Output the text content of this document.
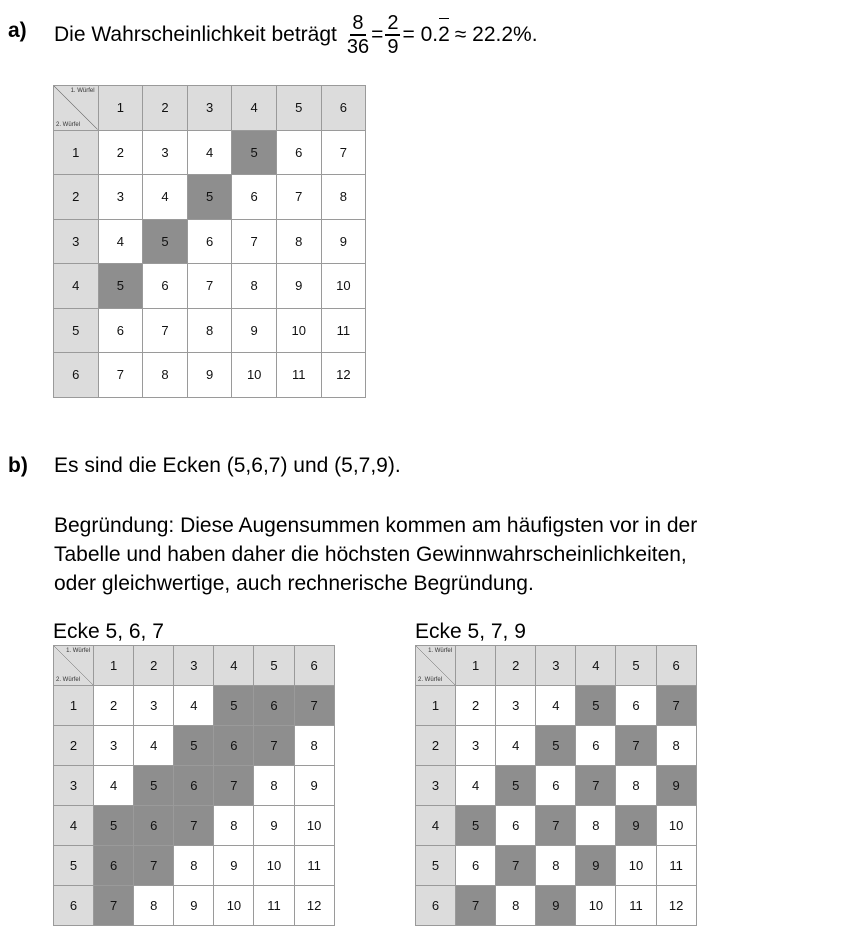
a) Die Wahrscheinlichkeit beträgt $\frac{8}{36} = \frac{2}{9} = 0$. 2 ≈ 22.2%.
1. Würfel
2. Würfel	1	2	3	4	5	6
1	2	3	4	5	6	7
2	3	4	5	6	7	8
3	4	5	6	7	8	9
4	5	6	7	8	9	10
5	6	7	8	9	10	11
6	7	8	9	10	11	12
b) Es sind die Ecken (5,6,7) und (5,7,9).
Begründung: Diese Augensummen kommen am häufigsten vor in der
Tabelle und haben daher die höchsten Gewinnwahrscheinlichkeiten,
oder gleichwertige, auch rechnerische Begründung.
Ecke 5, 6, 7	Ecke 5, 7, 9
1. Würfel
2. Würfel	1	2	3	4	5	6
1	2	3	4	5	6	7
2	3	4	5	6	7	8
3	4	5	6	7	8	9
4	5	6	7	8	9	10
5	6	7	8	9	10	11
6	7	8	9	10	11	12
1. Würfel
2. Würfel	1	2	3	4	5	6
1	2	3	4	5	6	7
2	3	4	5	6	7	8
3	4	5	6	7	8	9
4	5	6	7	8	9	10
5	6	7	8	9	10	11
6	7	8	9	10	11	12
